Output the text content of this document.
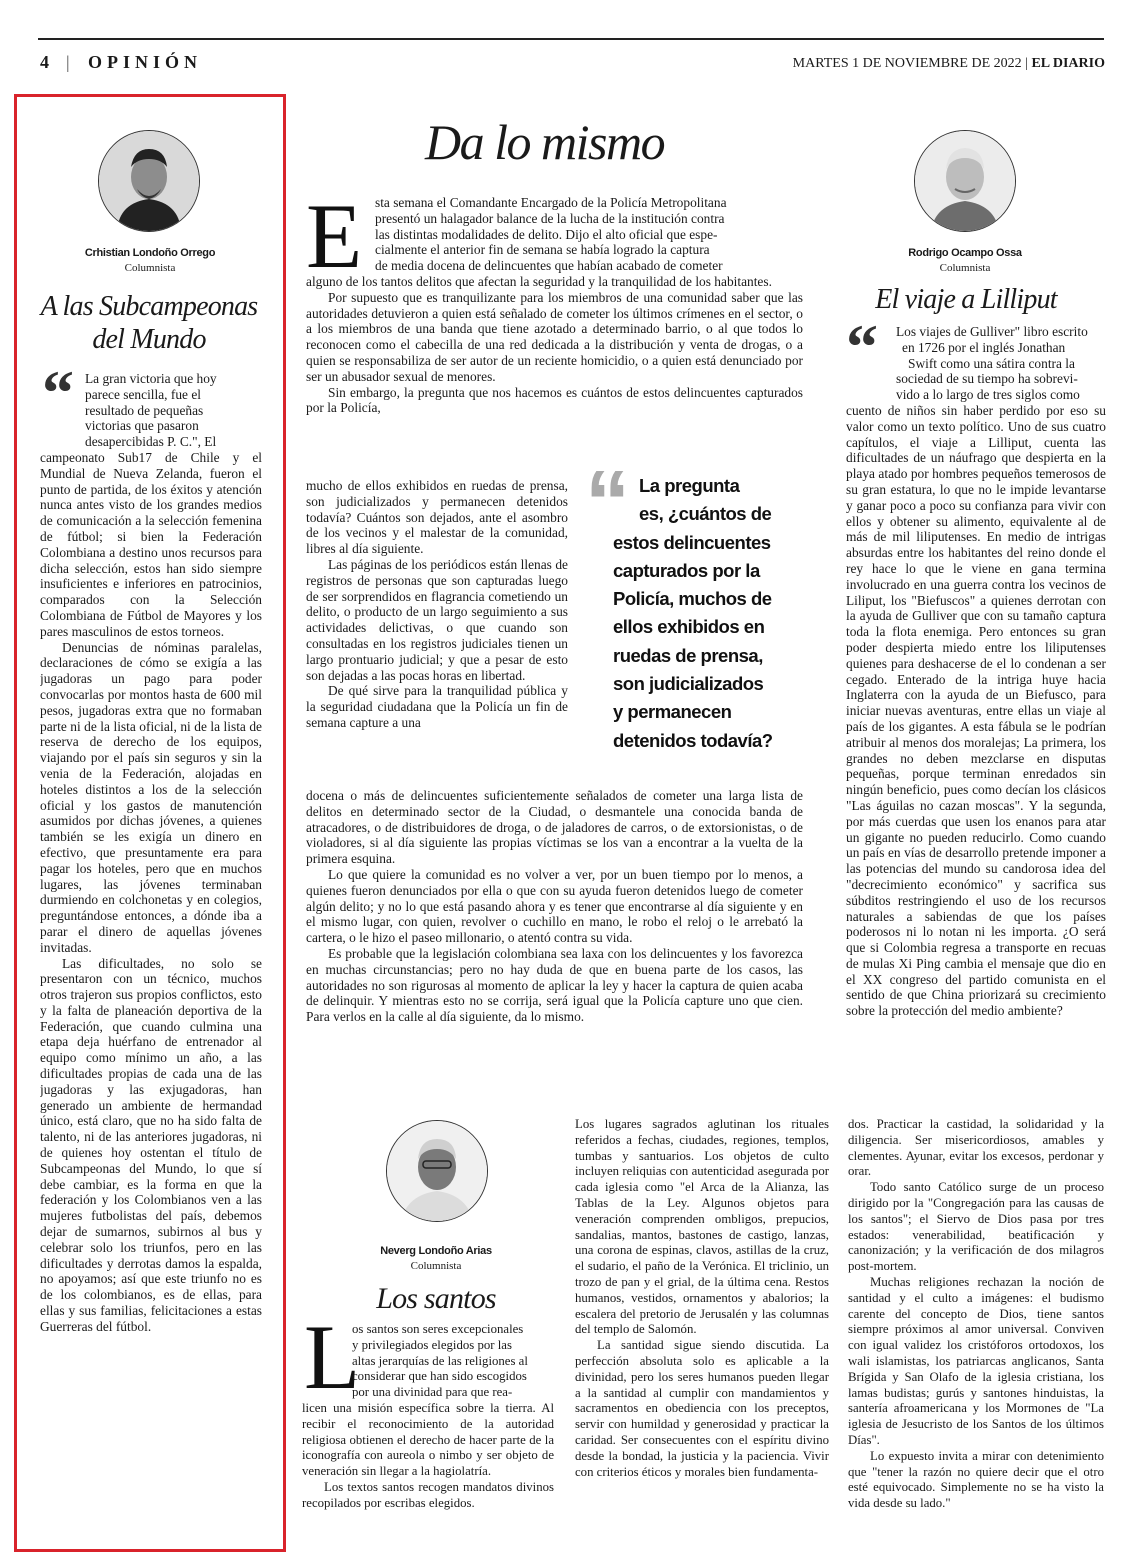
4 | OPINIÓN	MARTES 1 DE NOVIEMBRE DE 2022 | EL DIARIO
Crhistian Londoño Orrego
Columnista
A las Subcampeonas
del Mundo
“ La gran victoria que hoy
parece sencilla, fue el
resultado de pequeñas
victorias que pasaron
desapercibidas P. C.", El

campeonato Sub17 de Chile y el Mundial de Nueva Zelanda, fueron el punto de partida, de los éxitos y atención nunca antes visto de los grandes medios de comunicación a la selección femenina de fútbol; si bien la Federación Colombiana a destino unos recursos para dicha selección, estos han sido siempre insuficientes e inferiores en patrocinios, comparados con la Selección Colombiana de Fútbol de Mayores y los pares masculinos de estos torneos.

Denuncias de nóminas paralelas, declaraciones de cómo se exigía a las jugadoras un pago para poder convocarlas por montos hasta de 600 mil pesos, jugadoras extra que no formaban parte ni de la lista oficial, ni de la lista de reserva de derecho de los equipos, viajando por el país sin seguros y sin la venia de la Federación, alojadas en hoteles distintos a los de la selección oficial y los gastos de manutención asumidos por dichas jóvenes, a quienes también se les exigía un dinero en efectivo, que presuntamente era para pagar los hoteles, pero que en muchos lugares, las jóvenes terminaban durmiendo en colchonetas y en colegios, preguntándose entonces, a dónde iba a parar el dinero de aquellas jóvenes invitadas.

Las dificultades, no solo se presentaron con un técnico, muchos otros trajeron sus propios conflictos, esto y la falta de planeación deportiva de la Federación, que cuando culmina una etapa deja huérfano de entrenador al equipo como mínimo un año, a las dificultades propias de cada una de las jugadoras y las exjugadoras, han generado un ambiente de hermandad único, está claro, que no ha sido falta de talento, ni de las anteriores jugadoras, ni de quienes hoy ostentan el título de Subcampeonas del Mundo, lo que sí debe cambiar, es la forma en que la federación y los Colombianos ven a las mujeres futbolistas del país, debemos dejar de sumarnos, subirnos al bus y celebrar solo los triunfos, pero en las dificultades y derrotas damos la espalda, no apoyamos; así que este triunfo no es de los colombianos, es de ellas, para ellas y sus familias, felicitaciones a estas Guerreras del fútbol.

Da lo mismo
E sta semana el Comandante Encargado de la Policía Metropolitana
presentó un halagador balance de la lucha de la institución contra
las distintas modalidades de delito. Dijo el alto oficial que espe-
cialmente el anterior fin de semana se había logrado la captura
de media docena de delincuentes que habían acabado de cometer

alguno de los tantos delitos que afectan la seguridad y la tranquilidad de los habitantes.

Por supuesto que es tranquilizante para los miembros de una comunidad saber que las autoridades detuvieron a quien está señalado de cometer los últimos crímenes en el sector, o a los miembros de una banda que tiene azotado a determinado barrio, o al que todos lo reconocen como el cabecilla de una red dedicada a la distribución y venta de drogas, o a quien se responsabiliza de ser autor de un reciente homicidio, o a quien está denunciado por ser un abusador sexual de menores.

Sin embargo, la pregunta que nos hacemos es cuántos de estos delincuentes capturados por la Policía,

mucho de ellos exhibidos en ruedas de prensa, son judicializados y permanecen detenidos todavía? Cuántos son dejados, ante el asombro de los vecinos y el malestar de la comunidad, libres al día siguiente.

Las páginas de los periódicos están llenas de registros de personas que son capturadas luego de ser sorprendidos en flagrancia cometiendo un delito, o producto de un largo seguimiento a sus actividades delictivas, o que cuando son consultadas en los registros judiciales tienen un largo prontuario judicial; y que a pesar de esto son dejadas a las pocas horas en libertad.

De qué sirve para la tranquilidad pública y la seguridad ciudadana que la Policía un fin de semana capture a una

“ La pregunta
es, ¿cuántos de
estos delincuentes
capturados por la
Policía, muchos de
ellos exhibidos en
ruedas de prensa,
son judicializados
y permanecen
detenidos todavía?

docena o más de delincuentes suficientemente señalados de cometer una larga lista de delitos en determinado sector de la Ciudad, o desmantele una conocida banda de atracadores, o de distribuidores de droga, o de jaladores de carros, o de extorsionistas, o de violadores, si al día siguiente las propias víctimas se los van a encontrar a la vuelta de la primera esquina.

Lo que quiere la comunidad es no volver a ver, por un buen tiempo por lo menos, a quienes fueron denunciados por ella o que con su ayuda fueron detenidos luego de cometer algún delito; y no lo que está pasando ahora y es tener que encontrarse al día siguiente y en el mismo lugar, con quien, revolver o cuchillo en mano, le robo el reloj o le arrebató la cartera, o le hizo el paseo millonario, o atentó contra su vida.

Es probable que la legislación colombiana sea laxa con los delincuentes y los favorezca en muchas circunstancias; pero no hay duda de que en buena parte de los casos, las autoridades no son rigurosas al momento de aplicar la ley y hacer la captura de quien acaba de delinquir. Y mientras esto no se corrija, será igual que la Policía capture uno que cien. Para verlos en la calle al día siguiente, da lo mismo.

Rodrigo Ocampo Ossa
Columnista
El viaje a Lilliput
“ Los viajes de Gulliver" libro escrito
en 1726 por el inglés Jonathan
Swift como una sátira contra la
sociedad de su tiempo ha sobrevi-
vido a lo largo de tres siglos como

cuento de niños sin haber perdido por eso su valor como un texto político. Uno de sus cuatro capítulos, el viaje a Lilliput, cuenta las dificultades de un náufrago que despierta en la playa atado por hombres pequeños temerosos de su gran estatura, lo que no le impide levantarse y ganar poco a poco su confianza para vivir con ellos y obtener su alimento, equivalente al de más de mil liliputenses. En medio de intrigas absurdas entre los habitantes del reino donde el rey hace lo que le viene en gana termina involucrado en una guerra contra los vecinos de Liliput, los "Biefuscos" a quienes derrotan con la ayuda de Gulliver que con su tamaño captura toda la flota enemiga. Pero entonces su gran poder despierta miedo entre los liliputenses quienes para deshacerse de el lo condenan a ser cegado. Enterado de la intriga huye hacia Inglaterra con la ayuda de un Biefusco, para iniciar nuevas aventuras, entre ellas un viaje al país de los gigantes. A esta fábula se le podrían atribuir al menos dos moralejas; La primera, los grandes no deben mezclarse en disputas pequeñas, porque terminan enredados sin ningún beneficio, pues como decían los clásicos "Las águilas no cazan moscas". Y la segunda, por más cuerdas que usen los enanos para atar un gigante no pueden reducirlo. Como cuando un país en vías de desarrollo pretende imponer a las potencias del mundo su candorosa idea del "decrecimiento económico" y sacrifica sus súbditos restringiendo el uso de los recursos naturales a sabiendas de que los países poderosos ni lo notan ni les importa. ¿O será que si Colombia regresa a transporte en recuas de mulas Xi Ping cambia el mensaje que dio en el XX congreso del partido comunista en el sentido de que China priorizará su crecimiento sobre la protección del medio ambiente?

Neverg Londoño Arias
Columnista
Los santos
L
os santos son seres excepcionales
y privilegiados elegidos por las
altas jerarquías de las religiones al
considerar que han sido escogidos
por una divinidad para que rea-

licen una misión específica sobre la tierra. Al recibir el reconocimiento de la autoridad religiosa obtienen el derecho de hacer parte de la iconografía con aureola o nimbo y ser objeto de veneración sin llegar a la hagiolatría.

Los textos santos recogen mandatos divinos recopilados por escribas elegidos.

Los lugares sagrados aglutinan los rituales referidos a fechas, ciudades, regiones, templos, tumbas y santuarios. Los objetos de culto incluyen reliquias con autenticidad asegurada por cada iglesia como "el Arca de la Alianza, las Tablas de la Ley. Algunos objetos para veneración comprenden ombligos, prepucios, sandalias, mantos, bastones de castigo, lanzas, una corona de espinas, clavos, astillas de la cruz, el sudario, el paño de la Verónica. El triclinio, un trozo de pan y el grial, de la última cena. Restos humanos, vestidos, ornamentos y abalorios; la escalera del pretorio de Jerusalén y las columnas del templo de Salomón.

La santidad sigue siendo discutida. La perfección absoluta solo es aplicable a la divinidad, pero los seres humanos pueden llegar a la santidad al cumplir con mandamientos y sacramentos en obediencia con los preceptos, servir con humildad y generosidad y practicar la caridad. Ser consecuentes con el espíritu divino desde la bondad, la justicia y la paciencia. Vivir con criterios éticos y morales bien fundamenta-

dos. Practicar la castidad, la solidaridad y la diligencia. Ser misericordiosos, amables y clementes. Ayunar, evitar los excesos, perdonar y orar.

Todo santo Católico surge de un proceso dirigido por la "Congregación para las causas de los santos"; el Siervo de Dios pasa por tres estados: venerabilidad, beatificación y canonización; y la verificación de dos milagros post-mortem.

Muchas religiones rechazan la noción de santidad y el culto a imágenes: el budismo carente del concepto de Dios, tiene santos siempre próximos al amor universal. Conviven con igual validez los cristóforos ortodoxos, los wali islamistas, los patriarcas anglicanos, Santa Brígida y San Olafo de la iglesia cristiana, los lamas budistas; gurús y santones hinduistas, la santería afroamericana y los Mormones de "La iglesia de Jesucristo de los Santos de los últimos Días".

Lo expuesto invita a mirar con detenimiento que "tener la razón no quiere decir que el otro esté equivocado. Simplemente no se ha visto la vida desde su lado."
